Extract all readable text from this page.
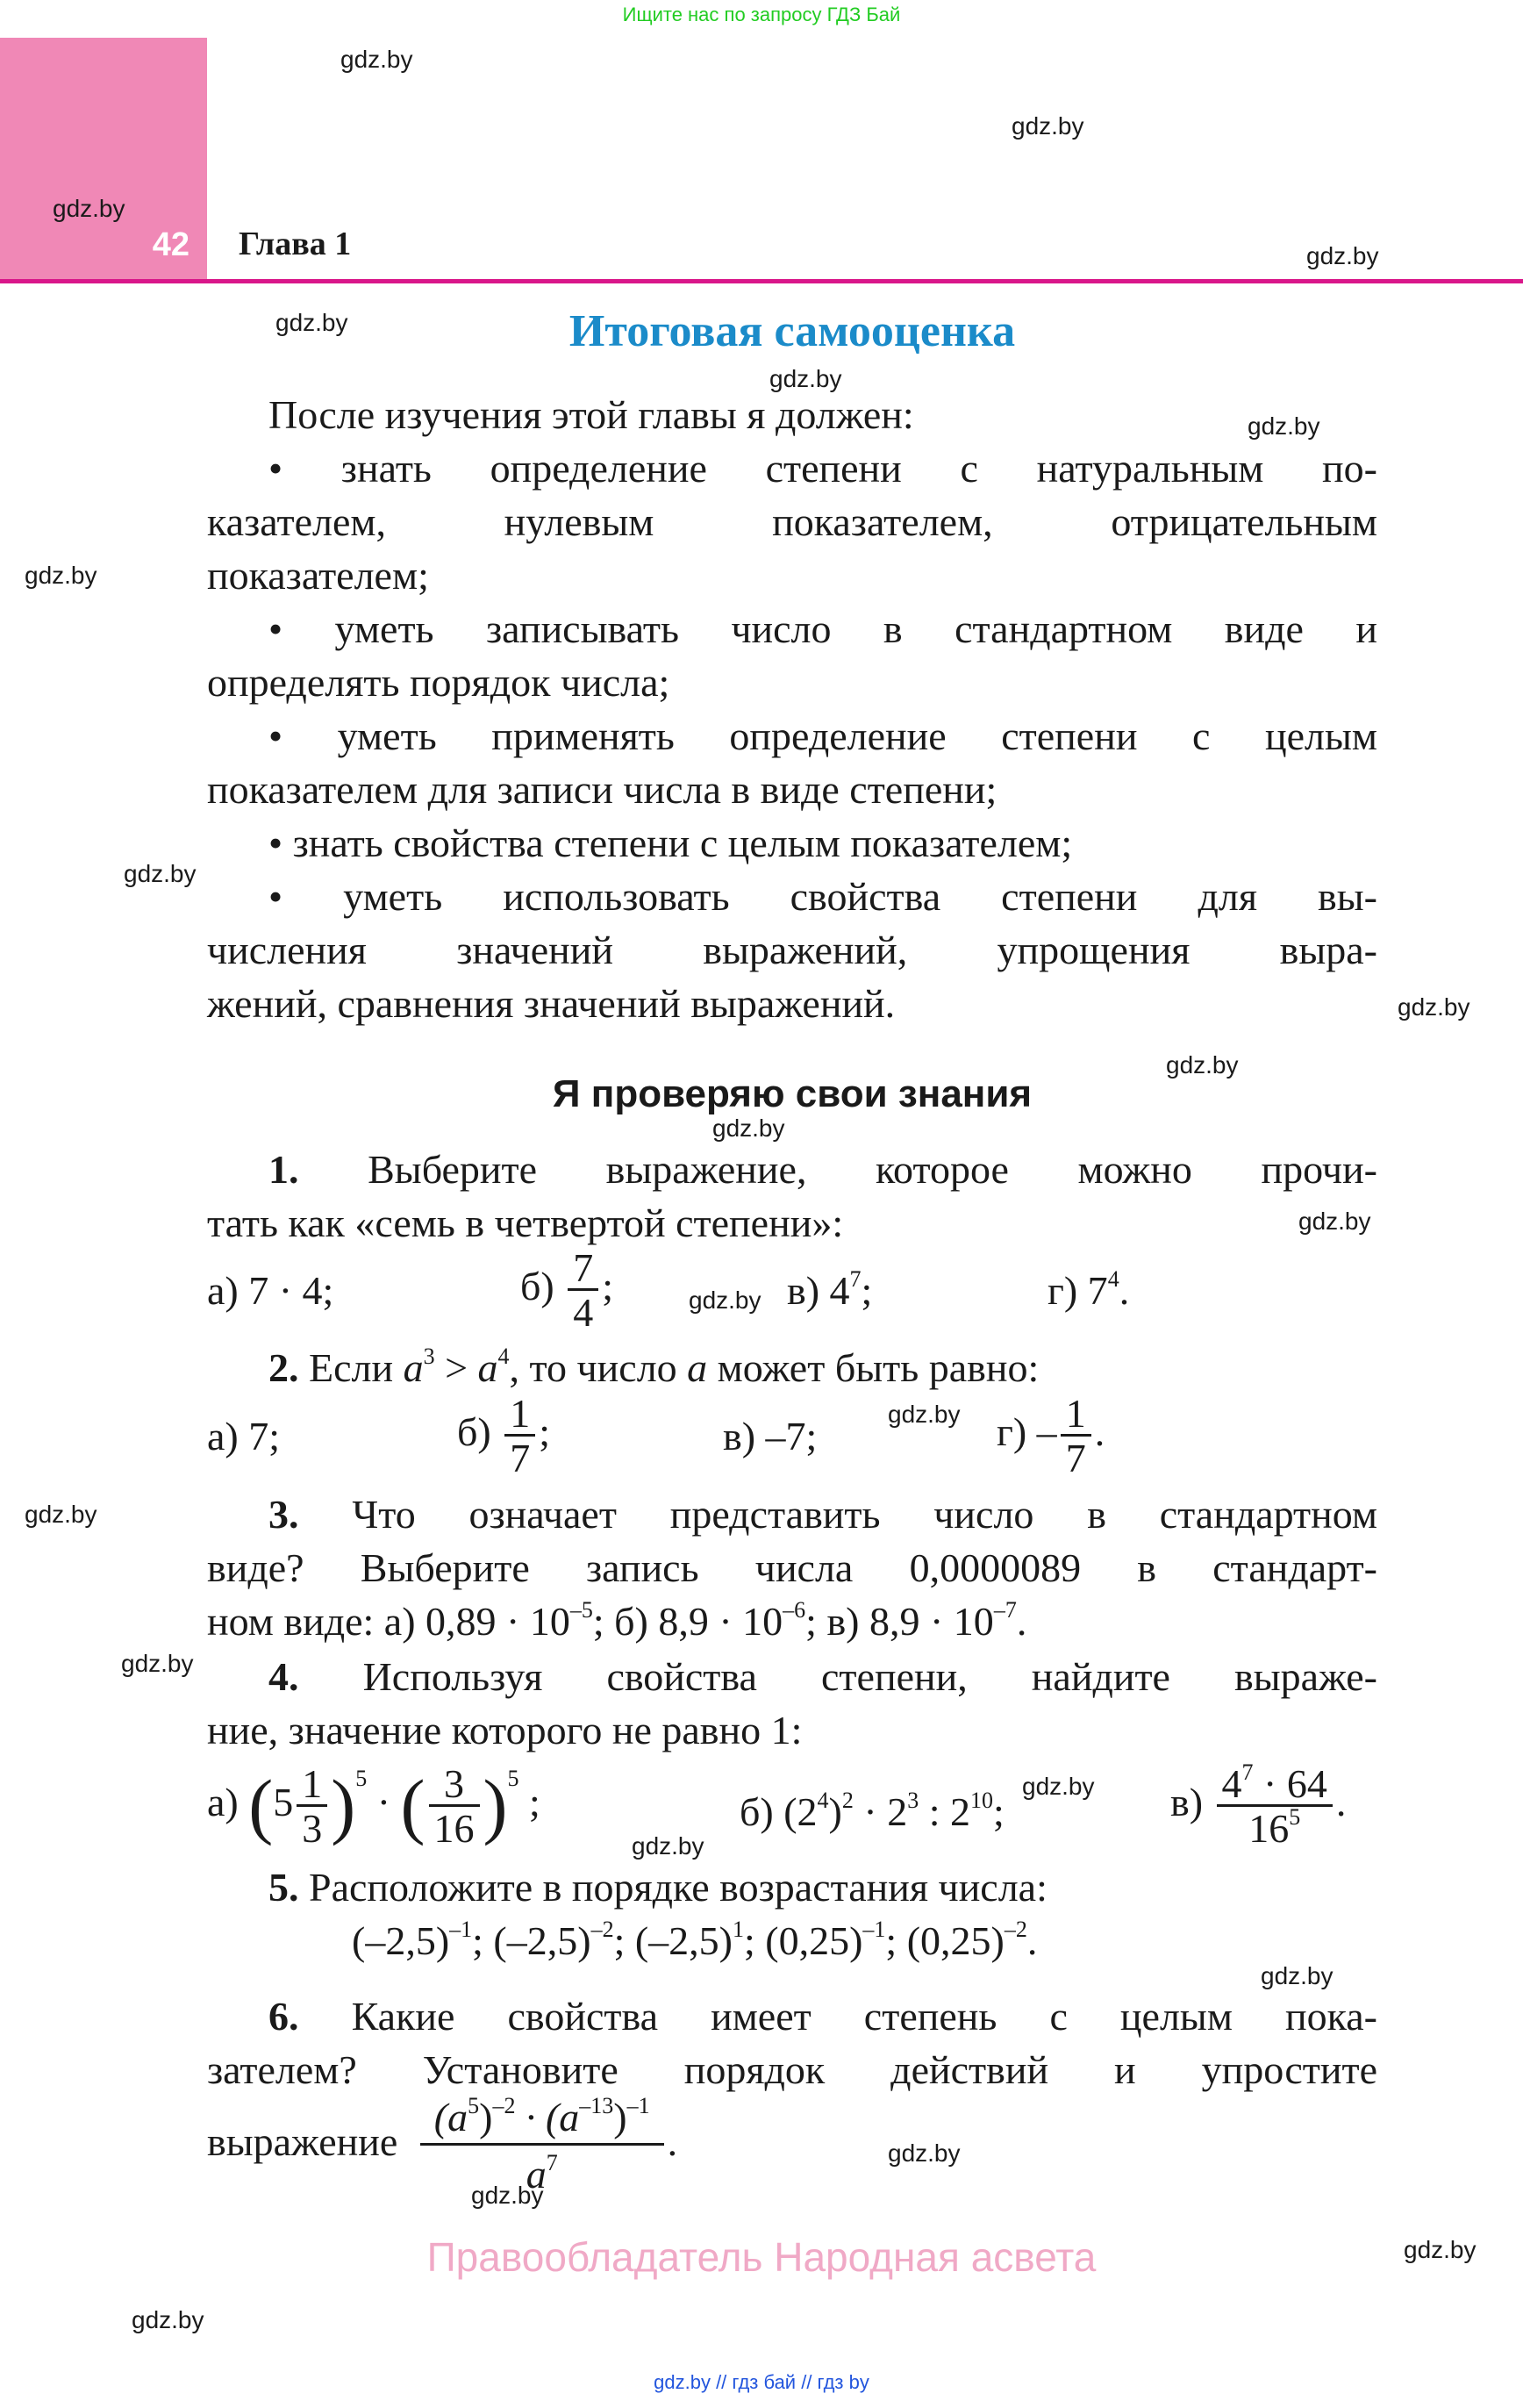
Ищите нас по запросу ГДЗ Бай
42 Глава 1
gdz.by
gdz.by
gdz.by
gdz.by
gdz.by
gdz.by
gdz.by
gdz.by
gdz.by
gdz.by
gdz.by
gdz.by
gdz.by
gdz.by
gdz.by
gdz.by
gdz.by
gdz.by
gdz.by
gdz.by
gdz.by
gdz.by
gdz.by
gdz.by
Итоговая самооценка
После изучения этой главы я должен:
• знать определение степени с натуральным по-
казателем, нулевым показателем, отрицательным
показателем;
• уметь записывать число в стандартном виде и
определять порядок числа;
• уметь применять определение степени с целым
показателем для записи числа в виде степени;
• знать свойства степени с целым показателем;
• уметь использовать свойства степени для вы-
числения значений выражений, упрощения выра-
жений, сравнения значений выражений.
Я проверяю свои знания
1. Выберите выражение, которое можно прочи-
тать как «семь в четвертой степени»:
а) 7 · 4;	$б) \frac{7}{4}$ ;	в) $4^7$;	г) $7^4$.
2. Если $a^3 > a^4$, то число a может быть равно:
а) 7;	$б) \frac{1}{7}$ ;	в) –7;	$г) - \frac{1}{7}$ .
3. Что означает представить число в стандартном
виде? Выберите запись числа 0,0000089 в стандарт-
ном виде: а) $0,89 \cdot 10^{-5}$; б) $8,9 \cdot 10^{-6}$; в) $8,9 \cdot 10^{-7}$.
4. Используя свойства степени, найдите выраже-
ние, значение которого не равно 1:
а) $(5 \frac{1}{3} )^5$ · ( $\frac{3}{16} )^5$ ;	б) $(2^4)^2 \cdot 2^3$ : $2^{10}$;	$в) \frac{4^7 \cdot 64}{16^5}$ .
5. Расположите в порядке возрастания числа:
$(-2,5)^{-1}$; $(-2,5)^{-2}$; $(-2,5)^1$; $(0,25)^{-1}$; $(0,25)^{-2}$.
6. Какие свойства имеет степень с целым пока-
зателем? Установите порядок действий и упростите
выражение $\frac{(a^5)^{-2} \cdot (a^{-13})^{-1}}{a^7}$ .
Правообладатель Народная асвета
gdz.by // гдз бай // гдз by
